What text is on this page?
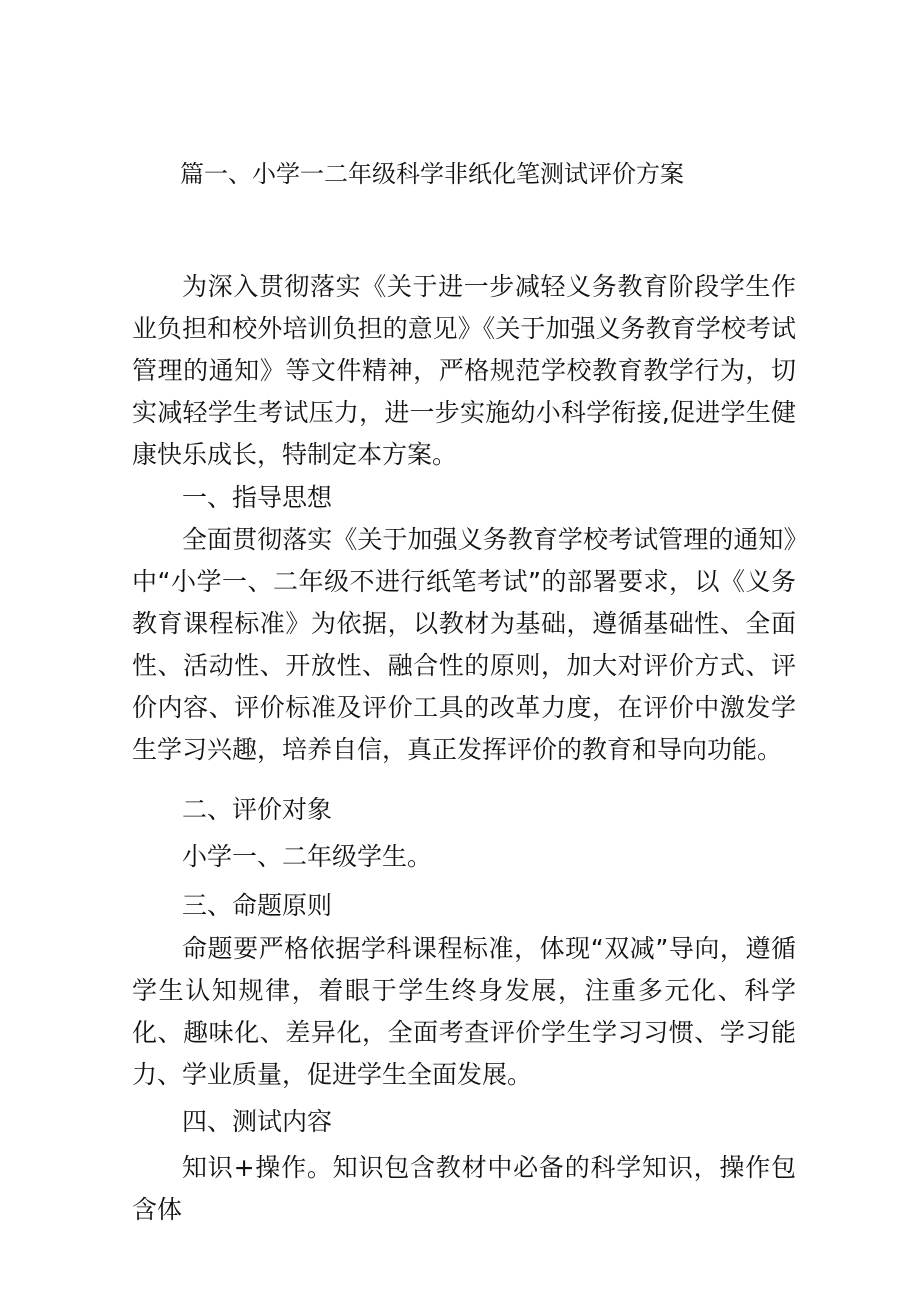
篇一、小学一二年级科学非纸化笔测试评价方案

为深入贯彻落实《关于进一步减轻义务教育阶段学生作业负担和校外培训负担的意见》《关于加强义务教育学校考试管理的通知》等文件精神，严格规范学校教育教学行为，切实减轻学生考试压力，进一步实施幼小科学衔接,促进学生健康快乐成长，特制定本方案。

一、指导思想

全面贯彻落实《关于加强义务教育学校考试管理的通知》中“小学一、二年级不进行纸笔考试”的部署要求，以《义务教育课程标准》为依据，以教材为基础，遵循基础性、全面性、活动性、开放性、融合性的原则，加大对评价方式、评价内容、评价标准及评价工具的改革力度，在评价中激发学生学习兴趣，培养自信，真正发挥评价的教育和导向功能。

二、评价对象

小学一、二年级学生。

三、命题原则

命题要严格依据学科课程标准，体现“双减”导向，遵循学生认知规律，着眼于学生终身发展，注重多元化、科学化、趣味化、差异化，全面考查评价学生学习习惯、学习能力、学业质量，促进学生全面发展。

四、测试内容

知识+操作。知识包含教材中必备的科学知识，操作包含体
